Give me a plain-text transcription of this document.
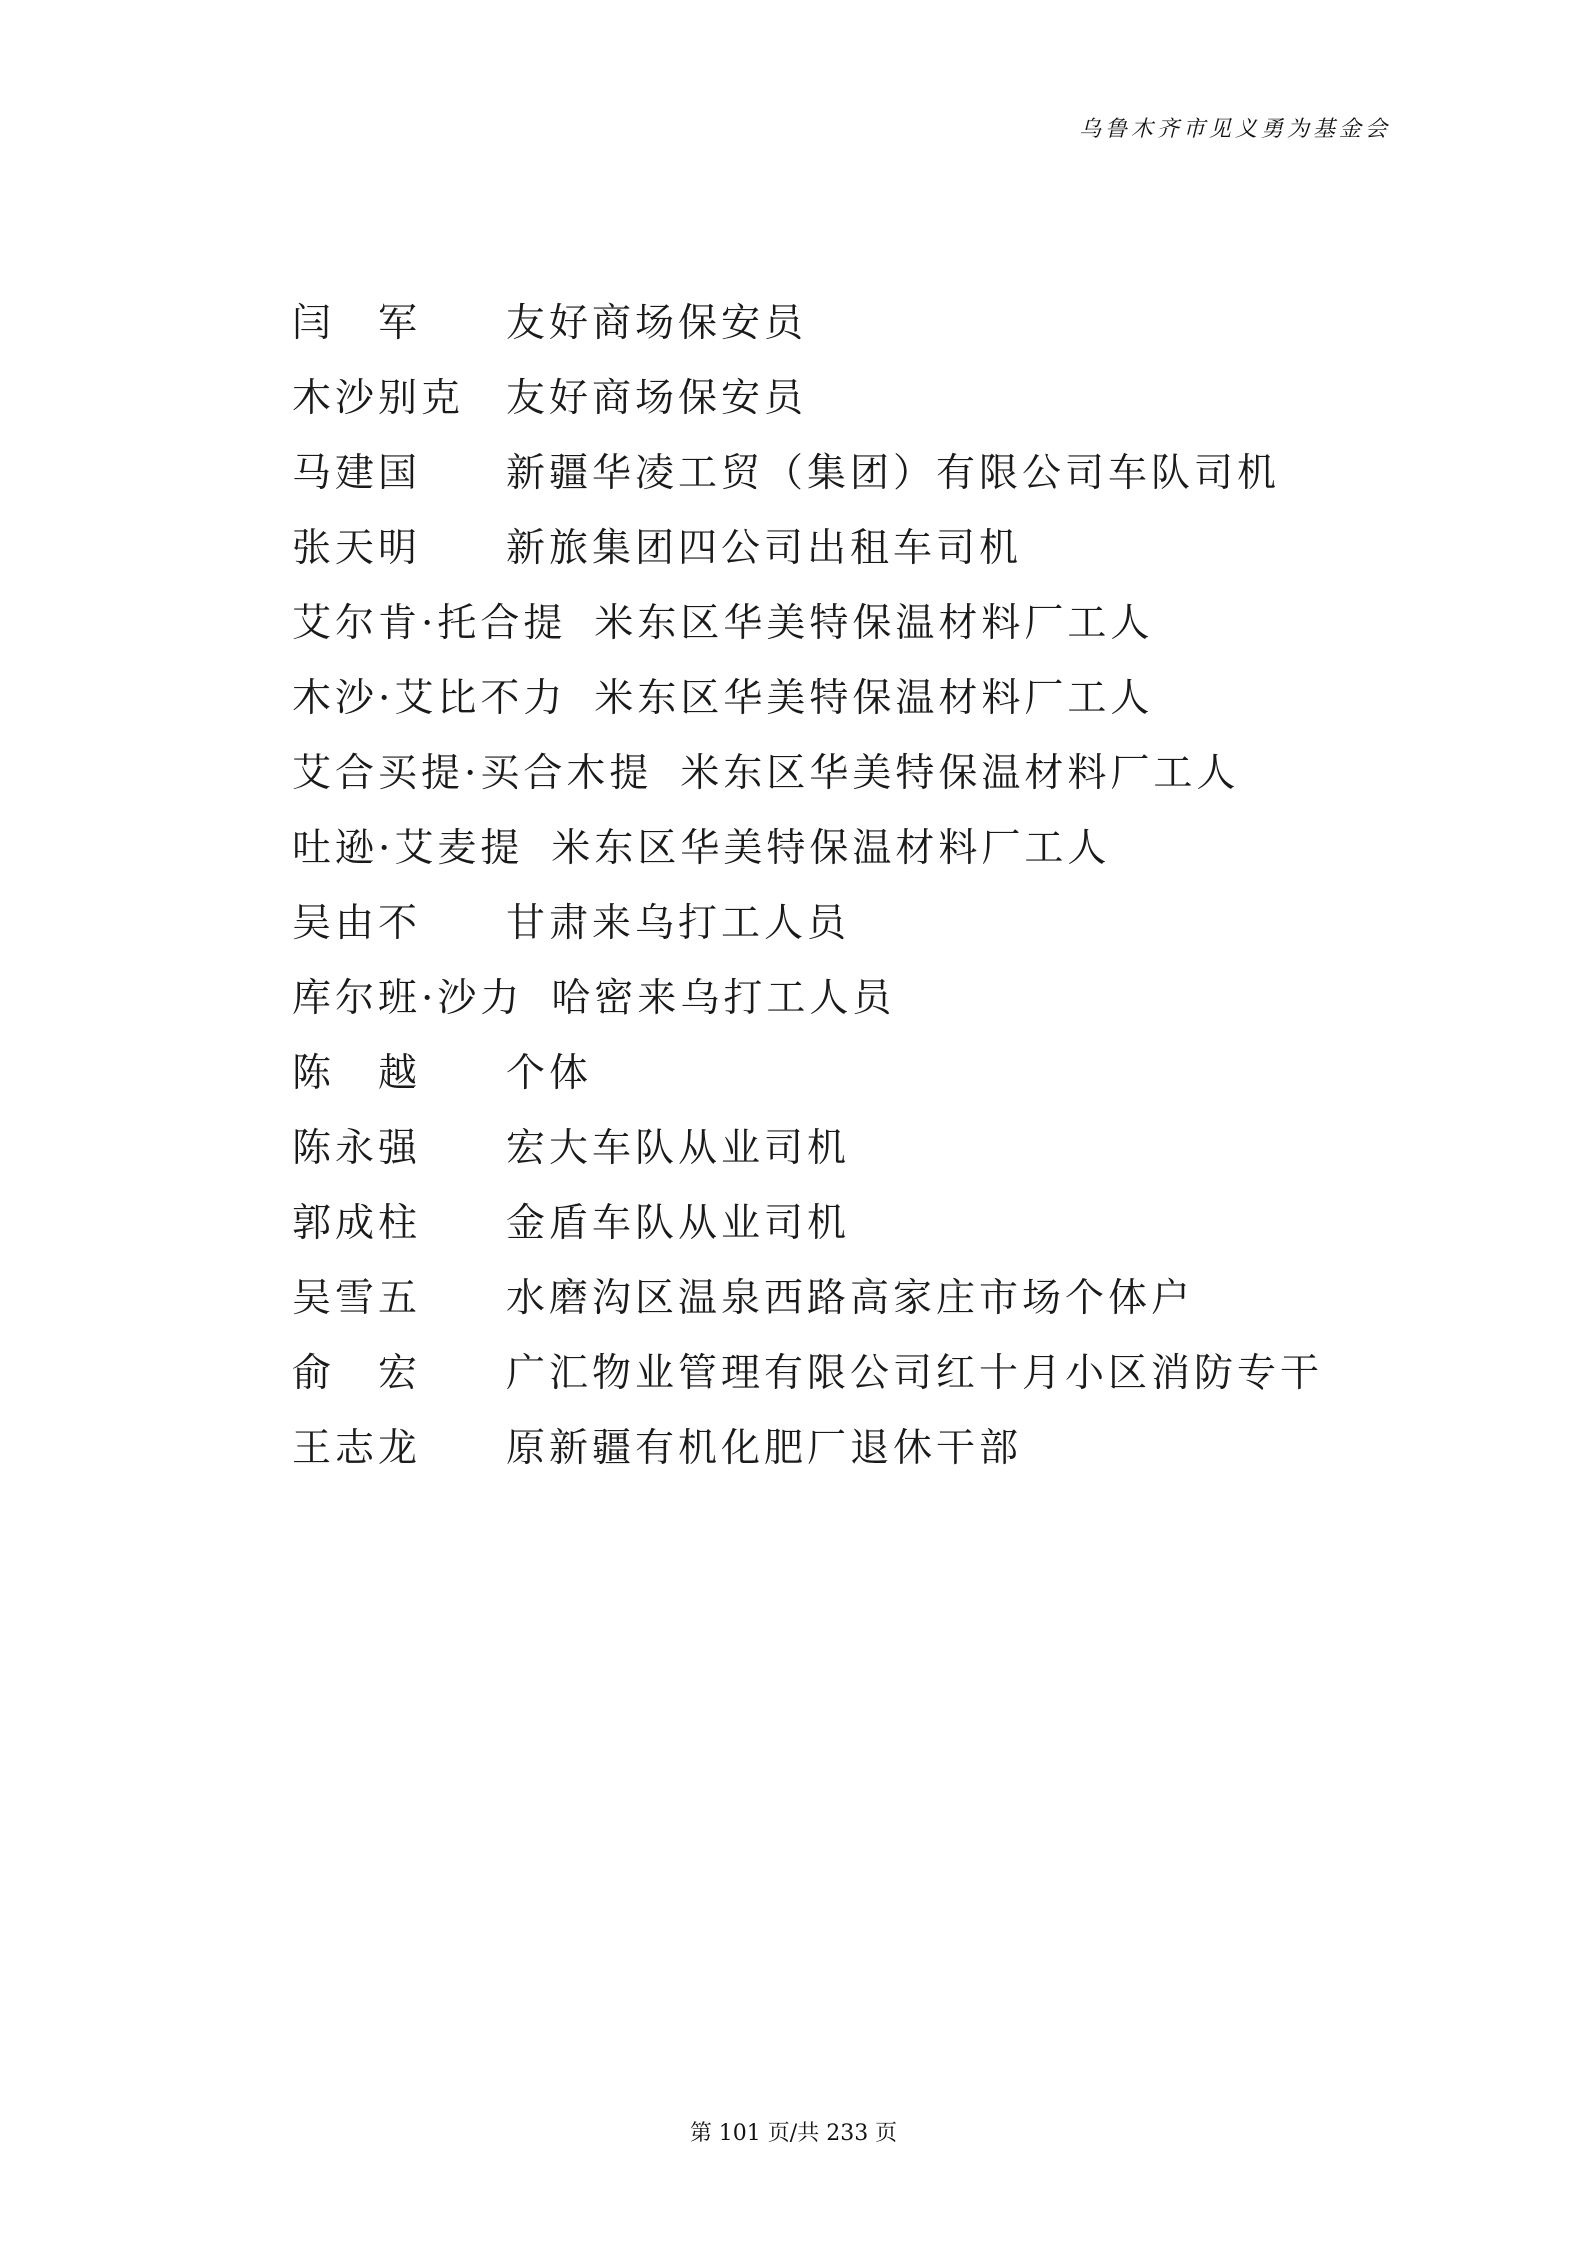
乌鲁木齐市见义勇为基金会
闫　军	友好商场保安员
木沙别克	友好商场保安员
马建国	新疆华凌工贸（集团）有限公司车队司机
张天明	新旅集团四公司出租车司机
艾尔肯·托合提 米东区华美特保温材料厂工人
木沙·艾比不力 米东区华美特保温材料厂工人
艾合买提·买合木提 米东区华美特保温材料厂工人
吐逊·艾麦提 米东区华美特保温材料厂工人
吴由不	甘肃来乌打工人员
库尔班·沙力 哈密来乌打工人员
陈　越	个体
陈永强	宏大车队从业司机
郭成柱	金盾车队从业司机
吴雪五	水磨沟区温泉西路高家庄市场个体户
俞　宏	广汇物业管理有限公司红十月小区消防专干
王志龙	原新疆有机化肥厂退休干部
第 101 页/共 233 页
